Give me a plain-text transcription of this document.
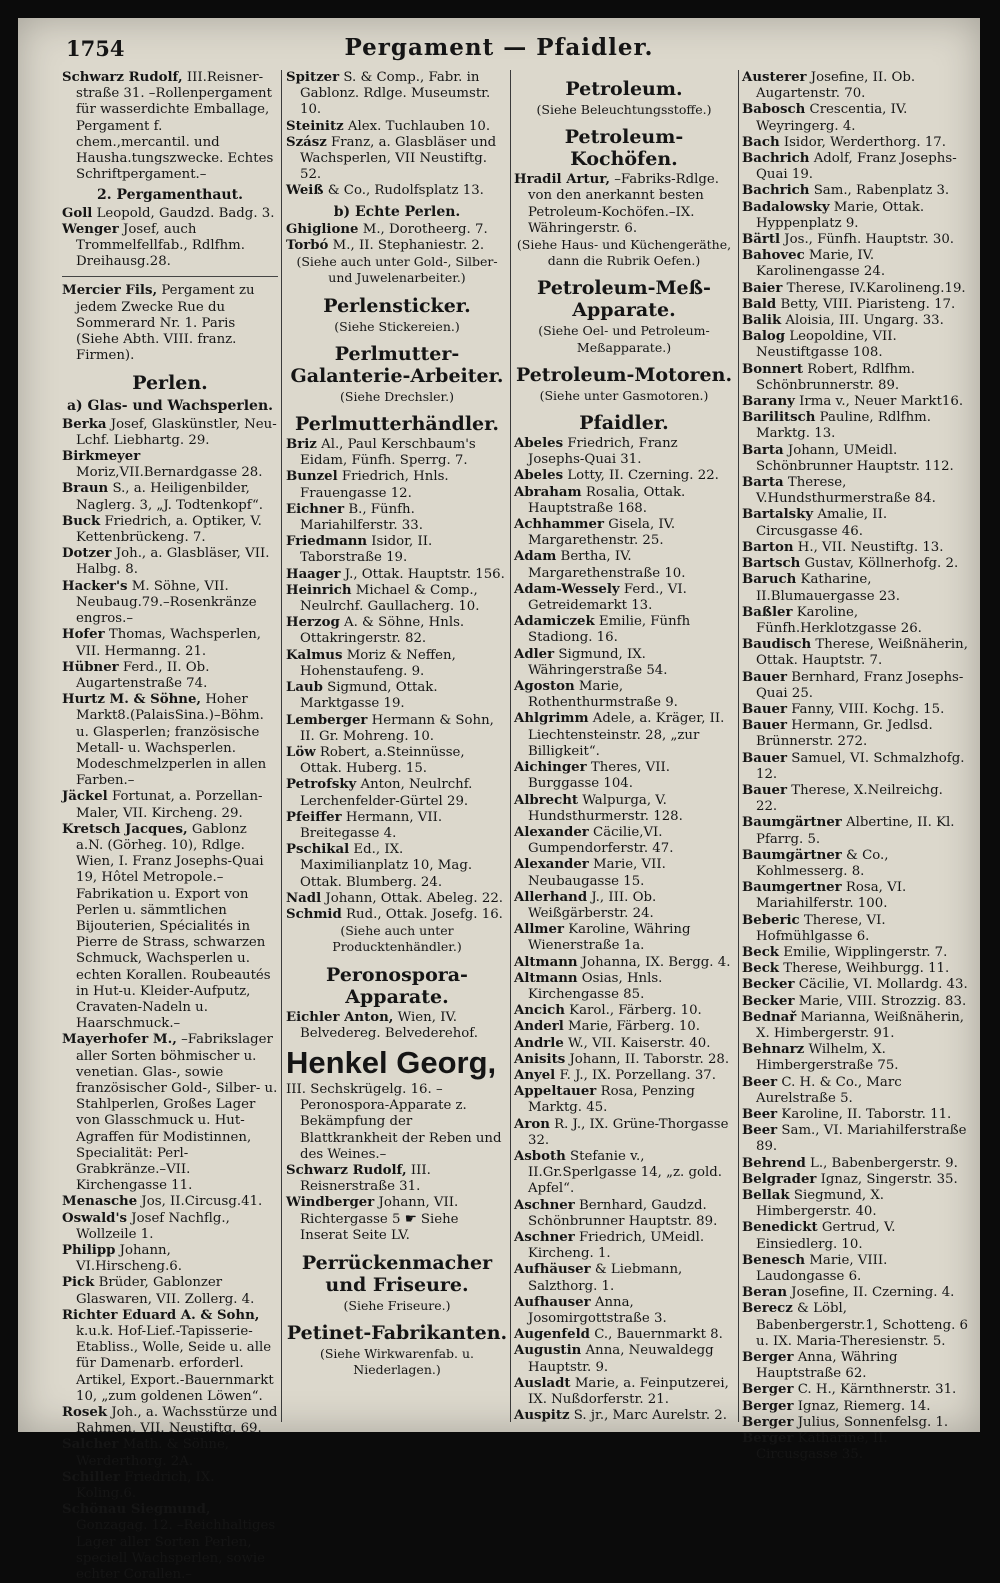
1754	Pergament — Pfaidler.

Schwarz Rudolf, III.Reisner-straße 31. –Rollenpergament für wasserdichte Emballage, Pergament f. chem.,mercantil. und Hausha.tungszwecke. Echtes Schriftpergament.–

2. Pergamenthaut.

Goll Leopold, Gaudzd. Badg. 3.

Wenger Josef, auch Trommelfellfab., Rdlfhm. Dreihausg.28.

Mercier Fils, Pergament zu jedem Zwecke Rue du Sommerard Nr. 1. Paris (Siehe Abth. VIII. franz. Firmen).

Perlen.
a) Glas- und Wachsperlen.

Berka Josef, Glaskünstler, Neu-Lchf. Liebhartg. 29.

Birkmeyer Moriz,VII.Bernardgasse 28.

Braun S., a. Heiligenbilder, Naglerg. 3, „J. Todtenkopf“.

Buck Friedrich, a. Optiker, V. Kettenbrückeng. 7.

Dotzer Joh., a. Glasbläser, VII. Halbg. 8.

Hacker's M. Söhne, VII. Neubaug.79.–Rosenkränze engros.–

Hofer Thomas, Wachsperlen, VII. Hermanng. 21.

Hübner Ferd., II. Ob. Augartenstraße 74.

Hurtz M. & Söhne, Hoher Markt8.(PalaisSina.)–Böhm. u. Glasperlen; französische Metall- u. Wachsperlen. Modeschmelzperlen in allen Farben.–

Jäckel Fortunat, a. Porzellan-Maler, VII. Kircheng. 29.

Kretsch Jacques, Gablonz a.N. (Görheg. 10), Rdlge. Wien, I. Franz Josephs-Quai 19, Hôtel Metropole.–Fabrikation u. Export von Perlen u. sämmtlichen Bijouterien, Spécialités in Pierre de Strass, schwarzen Schmuck, Wachsperlen u. echten Korallen. Roubeautés in Hut-u. Kleider-Aufputz, Cravaten-Nadeln u. Haarschmuck.–

Mayerhofer M., –Fabrikslager aller Sorten böhmischer u. venetian. Glas-, sowie französischer Gold-, Silber- u. Stahlperlen, Großes Lager von Glasschmuck u. Hut-Agraffen für Modistinnen, Specialität: Perl-Grabkränze.–VII. Kirchengasse 11.

Menasche Jos, II.Circusg.41.

Oswald's Josef Nachflg., Wollzeile 1.

Philipp Johann, VI.Hirscheng.6.

Pick Brüder, Gablonzer Glaswaren, VII. Zollerg. 4.

Richter Eduard A. & Sohn, k.u.k. Hof-Lief.-Tapisserie-Etabliss., Wolle, Seide u. alle für Damenarb. erforderl. Artikel, Export.-Bauernmarkt 10, „zum goldenen Löwen“.

Rosek Joh., a. Wachsstürze und Rahmen, VII. Neustiftg. 69.

Salcher Math. & Söhne, Werderthorg. 2A.

Schiller Friedrich, IX. Koling.6.

Schönau Siegmund, Gonzagag. 12. –Reichhaltiges Lager aller Sorten Perlen, speciell Wachsperlen, sowie echter Corallen.–

Spitzer S. & Comp., Fabr. in Gablonz. Rdlge. Museumstr. 10.

Steinitz Alex. Tuchlauben 10.

Szász Franz, a. Glasbläser und Wachsperlen, VII Neustiftg. 52.

Weiß & Co., Rudolfsplatz 13.

b) Echte Perlen.

Ghiglione M., Dorotheerg. 7.

Torbó M., II. Stephaniestr. 2.

(Siehe auch unter Gold-, Silber- und Juwelenarbeiter.)
Perlensticker.
(Siehe Stickereien.)
Perlmutter-Galanterie-Arbeiter.
(Siehe Drechsler.)
Perlmutterhändler.

Briz Al., Paul Kerschbaum's Eidam, Fünfh. Sperrg. 7.

Bunzel Friedrich, Hnls. Frauengasse 12.

Eichner B., Fünfh. Mariahilferstr. 33.

Friedmann Isidor, II. Taborstraße 19.

Haager J., Ottak. Hauptstr. 156.

Heinrich Michael & Comp., Neulrchf. Gaullacherg. 10.

Herzog A. & Söhne, Hnls. Ottakringerstr. 82.

Kalmus Moriz & Neffen, Hohenstaufeng. 9.

Laub Sigmund, Ottak. Marktgasse 19.

Lemberger Hermann & Sohn, II. Gr. Mohreng. 10.

Löw Robert, a.Steinnüsse, Ottak. Huberg. 15.

Petrofsky Anton, Neulrchf. Lerchenfelder-Gürtel 29.

Pfeiffer Hermann, VII. Breitegasse 4.

Pschikal Ed., IX. Maximilianplatz 10, Mag. Ottak. Blumberg. 24.

Nadl Johann, Ottak. Abeleg. 22.

Schmid Rud., Ottak. Josefg. 16.

(Siehe auch unter Producktenhändler.)
Peronospora-Apparate.

Eichler Anton, Wien, IV. Belvedereg. Belvederehof.

Henkel Georg,

III. Sechskrügelg. 16. –Peronospora-Apparate z. Bekämpfung der Blattkrankheit der Reben und des Weines.–

Schwarz Rudolf, III. Reisnerstraße 31.

Windberger Johann, VII. Richtergasse 5 ☛ Siehe Inserat Seite LV.

Perrückenmacher und Friseure.
(Siehe Friseure.)
Petinet-Fabrikanten.
(Siehe Wirkwarenfab. u. Niederlagen.)
Petroleum.
(Siehe Beleuchtungsstoffe.)
Petroleum-Kochöfen.

Hradil Artur, –Fabriks-Rdlge. von den anerkannt besten Petroleum-Kochöfen.–IX. Währingerstr. 6.

(Siehe Haus- und Küchengeräthe, dann die Rubrik Oefen.)
Petroleum-Meß-Apparate.
(Siehe Oel- und Petroleum-Meßapparate.)
Petroleum-Motoren.
(Siehe unter Gasmotoren.)
Pfaidler.

Abeles Friedrich, Franz Josephs-Quai 31.

Abeles Lotty, II. Czerning. 22.

Abraham Rosalia, Ottak. Hauptstraße 168.

Achhammer Gisela, IV. Margarethenstr. 25.

Adam Bertha, IV. Margarethenstraße 10.

Adam-Wessely Ferd., VI. Getreidemarkt 13.

Adamiczek Emilie, Fünfh Stadiong. 16.

Adler Sigmund, IX. Währingerstraße 54.

Agoston Marie, Rothenthurmstraße 9.

Ahlgrimm Adele, a. Kräger, II. Liechtensteinstr. 28, „zur Billigkeit“.

Aichinger Theres, VII. Burggasse 104.

Albrecht Walpurga, V. Hundsthurmerstr. 128.

Alexander Cäcilie,VI. Gumpendorferstr. 47.

Alexander Marie, VII. Neubaugasse 15.

Allerhand J., III. Ob. Weißgärberstr. 24.

Allmer Karoline, Währing Wienerstraße 1a.

Altmann Johanna, IX. Bergg. 4.

Altmann Osias, Hnls. Kirchengasse 85.

Ancich Karol., Färberg. 10.

Anderl Marie, Färberg. 10.

Andrle W., VII. Kaiserstr. 40.

Anisits Johann, II. Taborstr. 28.

Anyel F. J., IX. Porzellang. 37.

Appeltauer Rosa, Penzing Marktg. 45.

Aron R. J., IX. Grüne-Thorgasse 32.

Asboth Stefanie v., II.Gr.Sperlgasse 14, „z. gold. Apfel“.

Aschner Bernhard, Gaudzd. Schönbrunner Hauptstr. 89.

Aschner Friedrich, UMeidl. Kircheng. 1.

Aufhäuser & Liebmann, Salzthorg. 1.

Aufhauser Anna, Josomirgottstraße 3.

Augenfeld C., Bauernmarkt 8.

Augustin Anna, Neuwaldegg Hauptstr. 9.

Ausladt Marie, a. Feinputzerei, IX. Nußdorferstr. 21.

Auspitz S. jr., Marc Aurelstr. 2.

Austerer Josefine, II. Ob. Augartenstr. 70.

Babosch Crescentia, IV. Weyringerg. 4.

Bach Isidor, Werderthorg. 17.

Bachrich Adolf, Franz Josephs-Quai 19.

Bachrich Sam., Rabenplatz 3.

Badalowsky Marie, Ottak. Hyppenplatz 9.

Bärtl Jos., Fünfh. Hauptstr. 30.

Bahovec Marie, IV. Karolinengasse 24.

Baier Therese, IV.Karolineng.19.

Bald Betty, VIII. Piaristeng. 17.

Balik Aloisia, III. Ungarg. 33.

Balog Leopoldine, VII. Neustiftgasse 108.

Bonnert Robert, Rdlfhm. Schönbrunnerstr. 89.

Barany Irma v., Neuer Markt16.

Barilitsch Pauline, Rdlfhm. Marktg. 13.

Barta Johann, UMeidl. Schönbrunner Hauptstr. 112.

Barta Therese, V.Hundsthurmerstraße 84.

Bartalsky Amalie, II. Circusgasse 46.

Barton H., VII. Neustiftg. 13.

Bartsch Gustav, Köllnerhofg. 2.

Baruch Katharine, II.Blumauergasse 23.

Baßler Karoline, Fünfh.Herklotzgasse 26.

Baudisch Therese, Weißnäherin, Ottak. Hauptstr. 7.

Bauer Bernhard, Franz Josephs-Quai 25.

Bauer Fanny, VIII. Kochg. 15.

Bauer Hermann, Gr. Jedlsd. Brünnerstr. 272.

Bauer Samuel, VI. Schmalzhofg. 12.

Bauer Therese, X.Neilreichg. 22.

Baumgärtner Albertine, II. Kl. Pfarrg. 5.

Baumgärtner & Co., Kohlmesserg. 8.

Baumgertner Rosa, VI. Mariahilferstr. 100.

Beberic Therese, VI. Hofmühlgasse 6.

Beck Emilie, Wipplingerstr. 7.

Beck Therese, Weihburgg. 11.

Becker Cäcilie, VI. Mollardg. 43.

Becker Marie, VIII. Strozzig. 83.

Bednař Marianna, Weißnäherin, X. Himbergerstr. 91.

Behnarz Wilhelm, X. Himbergerstraße 75.

Beer C. H. & Co., Marc Aurelstraße 5.

Beer Karoline, II. Taborstr. 11.

Beer Sam., VI. Mariahilferstraße 89.

Behrend L., Babenbergerstr. 9.

Belgrader Ignaz, Singerstr. 35.

Bellak Siegmund, X. Himbergerstr. 40.

Benedickt Gertrud, V. Einsiedlerg. 10.

Benesch Marie, VIII. Laudongasse 6.

Beran Josefine, II. Czerning. 4.

Berecz & Löbl, Babenbergerstr.1, Schotteng. 6 u. IX. Maria-Theresienstr. 5.

Berger Anna, Währing Hauptstraße 62.

Berger C. H., Kärnthnerstr. 31.

Berger Ignaz, Riemerg. 14.

Berger Julius, Sonnenfelsg. 1.

Berger Katharine, II. Circusgasse 35.
